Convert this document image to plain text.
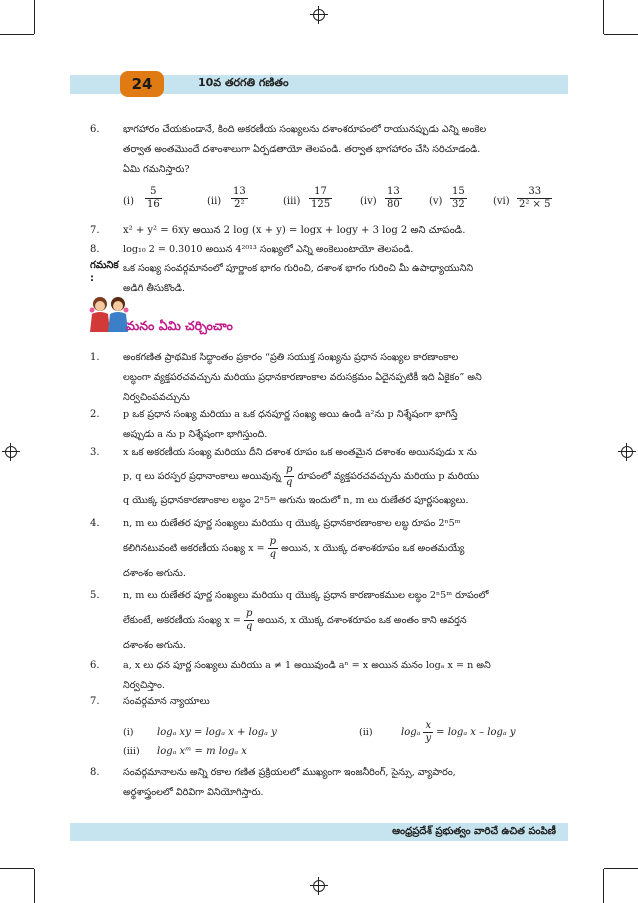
24	10వ తరగతి గణితం
6.	భాగహారం చేయకుండానే, కింది అకరణీయ సంఖ్యలను దశాంశరూపంలో రాయునప్పుడు ఎన్ని అంకెల
తర్వాత అంతమొందే దశాంశాలుగా ఏర్పడతాయో తెలపండి. తర్వాత భాగహారం చేసి సరిచూడండి.
ఏమి గమనిస్తారు?
$(i) \frac{5}{16}$	$(ii) \frac{13}{\text{2²}}$	$(iii) \frac{17}{125}$	$(iv) \frac{13}{80}$	$(v) \frac{15}{32}$	$(vi) \frac{33}{\text{2² × 5}}$
7.	x² + y² = 6xy అయిన 2 log (x + y) = logx + logy + 3 log 2 అని చూపండి.
8.	log₁₀ 2 = 0.3010 అయిన 4²⁰¹³ సంఖ్యలో ఎన్ని అంకెలుంటాయో తెలపండి.
గమనిక :
ఒక సంఖ్య సంవర్గమానంలో పూర్ణాంక భాగం గురించి, దశాంశ భాగం గురించి మీ ఉపాధ్యాయునిని
అడిగి తీసుకొండి.
మనం ఏమి చర్చించాం
1.	అంకగణిత ప్రాథమిక సిద్ధాంతం ప్రకారం “ప్రతి సయుక్త సంఖ్యను ప్రధాన సంఖ్యల కారణాంకాల
లబ్ధంగా వ్యక్తపరచవచ్చును మరియు ప్రధానకారణాంకాల వరుసక్రమం ఏదైనప్పటికీ ఇది ఏకైకం” అని
నిర్వచింపవచ్చును
2.	p ఒక ప్రధాన సంఖ్య మరియు a ఒక ధనపూర్ణ సంఖ్య అయి ఉండి a²ను p నిశ్శేషంగా భాగిస్తే
అప్పుడు a ను p నిశ్శేషంగా భాగిస్తుంది.
3.	x ఒక అకరణీయ సంఖ్య మరియు దీని దశాంశ రూపం ఒక అంతమైన దశాంశం అయినపుడు x ను
p, q లు పరస్పర ప్రధానాంకాలు అయివున్న $\frac{p}{q}$ రూపంలో వ్యక్తపరచవచ్చును మరియు p మరియు
q యొక్క ప్రధానకారణాంకాల లబ్ధం 2ⁿ5ᵐ అగును ఇందులో n, m లు రుణేతర పూర్ణసంఖ్యలు.
4.	n, m లు రుణేతర పూర్ణ సంఖ్యలు మరియు q యొక్క ప్రధానకారణాంకాల లబ్ధ రూపం 2ⁿ5ᵐ
కలిగినటువంటి అకరణీయ సంఖ్య $x = \frac{p}{q}$ అయిన, x యొక్క దశాంశరూపం ఒక అంతమయ్యే
దశాంశం అగును.
5.	n, m లు రుణేతర పూర్ణ సంఖ్యలు మరియు q యొక్క ప్రధాన కారణాంకముల లబ్ధం 2ⁿ5ᵐ రూపంలో
లేకుంటే, అకరణీయ సంఖ్య $x = \frac{p}{q}$ అయిన, x యొక్క దశాంశరూపం ఒక అంతం కాని ఆవర్తన
దశాంశం అగును.
6.	a, x లు ధన పూర్ణ సంఖ్యలు మరియు a ≠ 1 అయివుండి aⁿ = x అయిన మనం logₐ x = n అని
నిర్వచిస్తాం.
7.	సంవర్గమాన న్యాయాలు
(i) logₐ xy = logₐ x + logₐ y	(ii)	logₐ $\frac{x}{y} = \log_a$ x – logₐ y
(iii) logₐ xᵐ = m logₐ x
8.	సంవర్గమానాలను అన్ని రకాల గణిత ప్రక్రియలలో ముఖ్యంగా ఇంజనీరింగ్, సైన్సు, వ్యాపారం,
అర్థశాస్త్రంలలో విరివిగా వినియోగిస్తారు.
ఆంధ్రప్రదేశ్ ప్రభుత్వం వారిచే ఉచిత పంపిణీ
